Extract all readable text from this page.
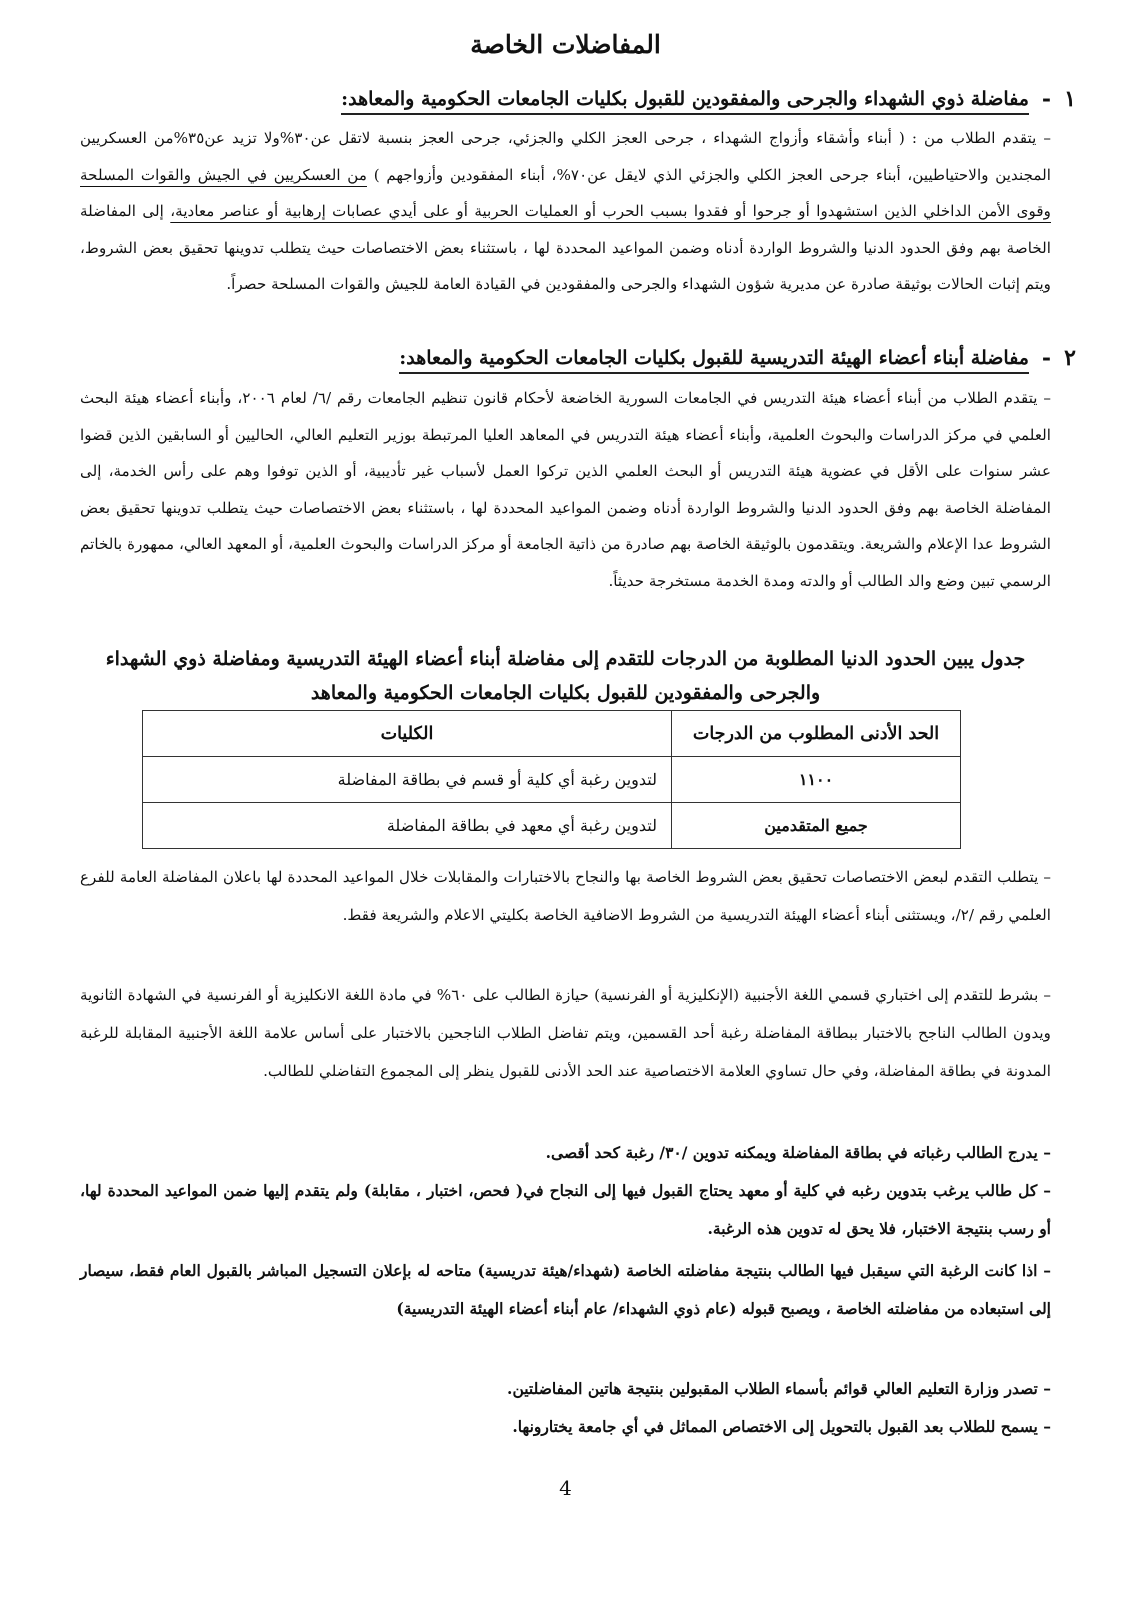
المفاضلات الخاصة
١
-
مفاضلة ذوي الشهداء والجرحى والمفقودين للقبول بكليات الجامعات الحكومية والمعاهد:
– يتقدم الطلاب من : ( أبناء وأشقاء وأزواج الشهداء ، جرحى العجز الكلي والجزئي، جرحى العجز بنسبة لاتقل عن٣٠%ولا تزيد عن٣٥%من العسكريين المجندين والاحتياطيين، أبناء جرحى العجز الكلي والجزئي الذي لايقل عن٧٠%، أبناء المفقودين وأزواجهم ) من العسكريين في الجيش والقوات المسلحة وقوى الأمن الداخلي الذين استشهدوا أو جرحوا أو فقدوا بسبب الحرب أو العمليات الحربية أو على أيدي عصابات إرهابية أو عناصر معادية، إلى المفاضلة الخاصة بهم وفق الحدود الدنيا والشروط الواردة أدناه وضمن المواعيد المحددة لها ، باستثناء بعض الاختصاصات حيث يتطلب تدوينها تحقيق بعض الشروط، ويتم إثبات الحالات بوثيقة صادرة عن مديرية شؤون الشهداء والجرحى والمفقودين في القيادة العامة للجيش والقوات المسلحة حصراً.
٢
-
مفاضلة أبناء أعضاء الهيئة التدريسية للقبول بكليات الجامعات الحكومية والمعاهد:
– يتقدم الطلاب من أبناء أعضاء هيئة التدريس في الجامعات السورية الخاضعة لأحكام قانون تنظيم الجامعات رقم /٦/ لعام ٢٠٠٦، وأبناء أعضاء هيئة البحث العلمي في مركز الدراسات والبحوث العلمية، وأبناء أعضاء هيئة التدريس في المعاهد العليا المرتبطة بوزير التعليم العالي، الحاليين أو السابقين الذين قضوا عشر سنوات على الأقل في عضوية هيئة التدريس أو البحث العلمي الذين تركوا العمل لأسباب غير تأديبية، أو الذين توفوا وهم على رأس الخدمة، إلى المفاضلة الخاصة بهم وفق الحدود الدنيا والشروط الواردة أدناه وضمن المواعيد المحددة لها ، باستثناء بعض الاختصاصات حيث يتطلب تدوينها تحقيق بعض الشروط عدا الإعلام والشريعة. ويتقدمون بالوثيقة الخاصة بهم صادرة من ذاتية الجامعة أو مركز الدراسات والبحوث العلمية، أو المعهد العالي، ممهورة بالخاتم الرسمي تبين وضع والد الطالب أو والدته ومدة الخدمة مستخرجة حديثاً.
جدول يبين الحدود الدنيا المطلوبة من الدرجات للتقدم إلى مفاضلة أبناء أعضاء الهيئة التدريسية ومفاضلة ذوي الشهداء والجرحى والمفقودين للقبول بكليات الجامعات الحكومية والمعاهد
الحد الأدنى المطلوب من الدرجات	الكليات
١١٠٠	لتدوين رغبة أي كلية أو قسم في بطاقة المفاضلة
جميع المتقدمين	لتدوين رغبة أي معهد في بطاقة المفاضلة
– يتطلب التقدم لبعض الاختصاصات تحقيق بعض الشروط الخاصة بها والنجاح بالاختبارات والمقابلات خلال المواعيد المحددة لها باعلان المفاضلة العامة للفرع العلمي رقم /٢/، ويستثنى أبناء أعضاء الهيئة التدريسية من الشروط الاضافية الخاصة بكليتي الاعلام والشريعة فقط.
– بشرط للتقدم إلى اختباري قسمي اللغة الأجنبية (الإنكليزية أو الفرنسية) حيازة الطالب على ٦٠% في مادة اللغة الانكليزية أو الفرنسية في الشهادة الثانوية ويدون الطالب الناجح بالاختبار ببطاقة المفاضلة رغبة أحد القسمين، ويتم تفاضل الطلاب الناجحين بالاختبار على أساس علامة اللغة الأجنبية المقابلة للرغبة المدونة في بطاقة المفاضلة، وفي حال تساوي العلامة الاختصاصية عند الحد الأدنى للقبول ينظر إلى المجموع التفاضلي للطالب.
– يدرج الطالب رغباته في بطاقة المفاضلة ويمكنه تدوين /٣٠/ رغبة كحد أقصى.
– كل طالب يرغب بتدوين رغبه في كلية أو معهد يحتاج القبول فيها إلى النجاح في( فحص، اختبار ، مقابلة) ولم يتقدم إليها ضمن المواعيد المحددة لها، أو رسب بنتيجة الاختبار، فلا يحق له تدوين هذه الرغبة.
– اذا كانت الرغبة التي سيقبل فيها الطالب بنتيجة مفاضلته الخاصة (شهداء/هيئة تدريسية) متاحه له بإعلان التسجيل المباشر بالقبول العام فقط، سيصار إلى استبعاده من مفاضلته الخاصة ، ويصبح قبوله (عام ذوي الشهداء/ عام أبناء أعضاء الهيئة التدريسية)
– تصدر وزارة التعليم العالي قوائم بأسماء الطلاب المقبولين بنتيجة هاتين المفاضلتين.
– يسمح للطلاب بعد القبول بالتحويل إلى الاختصاص المماثل في أي جامعة يختارونها.
4
